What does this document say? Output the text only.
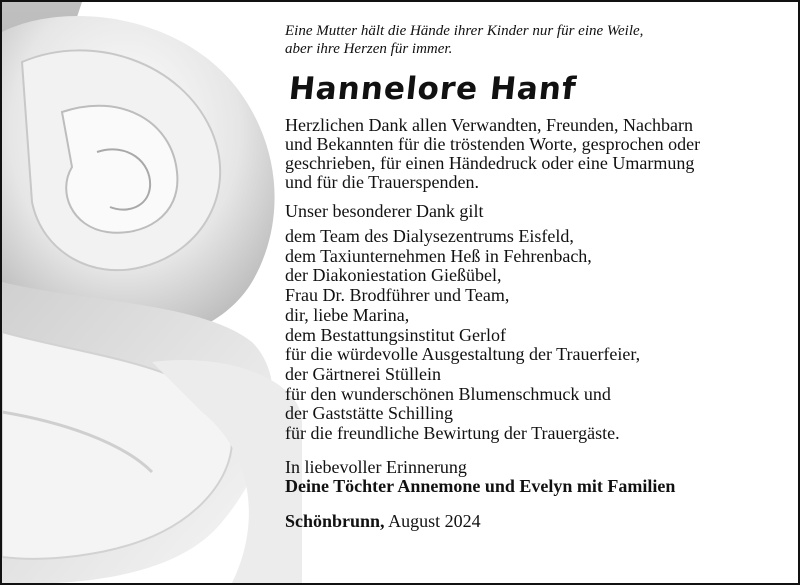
Eine Mutter hält die Hände ihrer Kinder nur für eine Weile,

aber ihre Herzen für immer.

Hannelore Hanf

Herzlichen Dank allen Verwandten, Freunden, Nachbarn

und Bekannten für die tröstenden Worte, gesprochen oder

geschrieben, für einen Händedruck oder eine Umarmung

und für die Trauerspenden.

Unser besonderer Dank gilt

dem Team des Dialysezentrums Eisfeld,

dem Taxiunternehmen Heß in Fehrenbach,

der Diakoniestation Gießübel,

Frau Dr. Brodführer und Team,

dir, liebe Marina,

dem Bestattungsinstitut Gerlof

für die würdevolle Ausgestaltung der Trauerfeier,

der Gärtnerei Stüllein

für den wunderschönen Blumenschmuck und

der Gaststätte Schilling

für die freundliche Bewirtung der Trauergäste.

In liebevoller Erinnerung

Deine Töchter Annemone und Evelyn mit Familien

Schönbrunn, August 2024
